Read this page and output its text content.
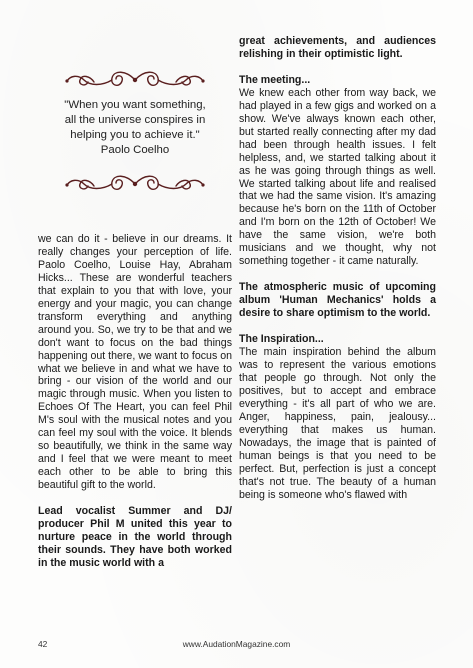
"When you want something,
all the universe conspires in
helping you to achieve it."
Paolo Coelho

we can do it - believe in our dreams. It really changes your perception of life. Paolo Coelho, Louise Hay, Abraham Hicks... These are wonderful teachers that explain to you that with love, your energy and your magic, you can change transform everything and anything around you. So, we try to be that and we don't want to focus on the bad things happening out there, we want to focus on what we believe in and what we have to bring - our vision of the world and our magic through music. When you listen to Echoes Of The Heart, you can feel Phil M's soul with the musical notes and you can feel my soul with the voice. It blends so beautifully, we think in the same way and I feel that we were meant to meet each other to be able to bring this beautiful gift to the world.

Lead vocalist Summer and DJ/ producer Phil M united this year to nurture peace in the world through their sounds. They have both worked in the music world with a

great achievements, and audiences relishing in their optimistic light.

The meeting...

We knew each other from way back, we had played in a few gigs and worked on a show. We've always known each other, but started really connecting after my dad had been through health issues. I felt helpless, and, we started talking about it as he was going through things as well. We started talking about life and realised that we had the same vision. It's amazing because he's born on the 11th of October and I'm born on the 12th of October! We have the same vision, we're both musicians and we thought, why not something together - it came naturally.

The atmospheric music of upcoming album 'Human Mechanics' holds a desire to share optimism to the world.

The Inspiration...

The main inspiration behind the album was to represent the various emotions that people go through. Not only the positives, but to accept and embrace everything - it's all part of who we are. Anger, happiness, pain, jealousy... everything that makes us human. Nowadays, the image that is painted of human beings is that you need to be perfect. But, perfection is just a concept that's not true. The beauty of a human being is someone who's flawed with

42	www.AudationMagazine.com
